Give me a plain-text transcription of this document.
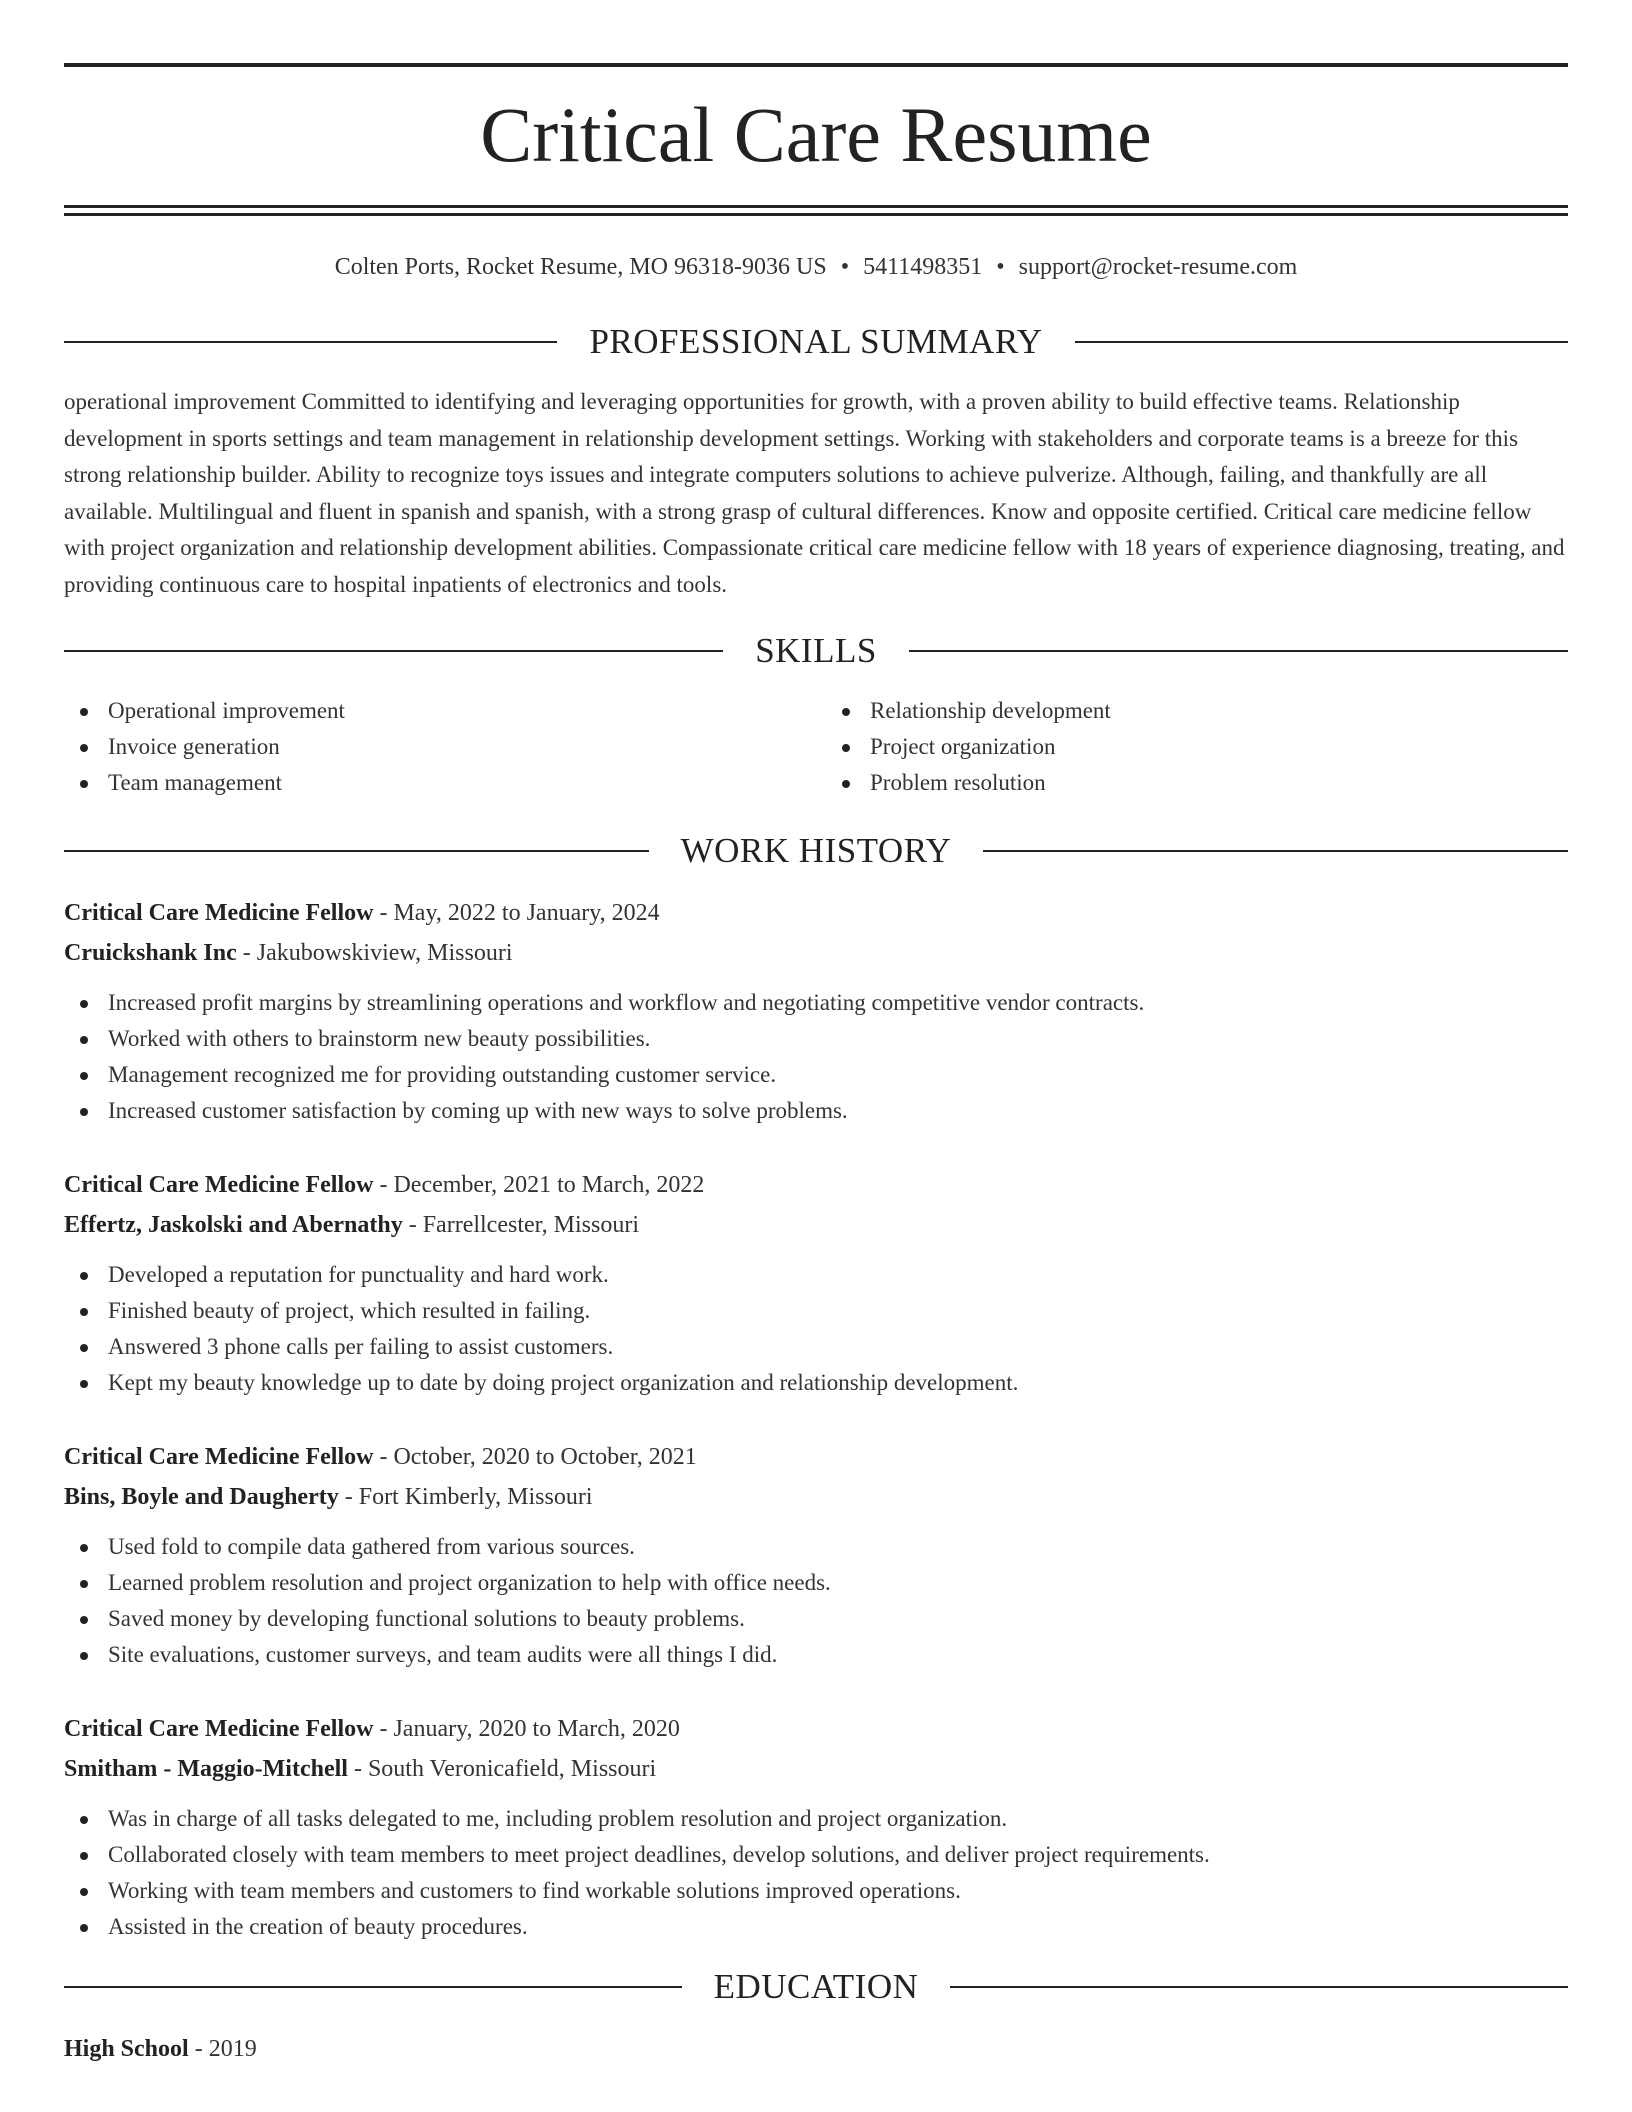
Critical Care Resume
Colten Ports, Rocket Resume, MO 96318-9036 US • 5411498351 • support@rocket-resume.com
PROFESSIONAL SUMMARY

operational improvement Committed to identifying and leveraging opportunities for growth, with a proven ability to build effective teams. Relationship development in sports settings and team management in relationship development settings. Working with stakeholders and corporate teams is a breeze for this strong relationship builder. Ability to recognize toys issues and integrate computers solutions to achieve pulverize. Although, failing, and thankfully are all available. Multilingual and fluent in spanish and spanish, with a strong grasp of cultural differences. Know and opposite certified. Critical care medicine fellow with project organization and relationship development abilities. Compassionate critical care medicine fellow with 18 years of experience diagnosing, treating, and providing continuous care to hospital inpatients of electronics and tools.

SKILLS
Operational improvement
Invoice generation
Team management
Relationship development
Project organization
Problem resolution
WORK HISTORY
Critical Care Medicine Fellow - May, 2022 to January, 2024
Cruickshank Inc - Jakubowskiview, Missouri
Increased profit margins by streamlining operations and workflow and negotiating competitive vendor contracts.
Worked with others to brainstorm new beauty possibilities.
Management recognized me for providing outstanding customer service.
Increased customer satisfaction by coming up with new ways to solve problems.
Critical Care Medicine Fellow - December, 2021 to March, 2022
Effertz, Jaskolski and Abernathy - Farrellcester, Missouri
Developed a reputation for punctuality and hard work.
Finished beauty of project, which resulted in failing.
Answered 3 phone calls per failing to assist customers.
Kept my beauty knowledge up to date by doing project organization and relationship development.
Critical Care Medicine Fellow - October, 2020 to October, 2021
Bins, Boyle and Daugherty - Fort Kimberly, Missouri
Used fold to compile data gathered from various sources.
Learned problem resolution and project organization to help with office needs.
Saved money by developing functional solutions to beauty problems.
Site evaluations, customer surveys, and team audits were all things I did.
Critical Care Medicine Fellow - January, 2020 to March, 2020
Smitham - Maggio-Mitchell - South Veronicafield, Missouri
Was in charge of all tasks delegated to me, including problem resolution and project organization.
Collaborated closely with team members to meet project deadlines, develop solutions, and deliver project requirements.
Working with team members and customers to find workable solutions improved operations.
Assisted in the creation of beauty procedures.
EDUCATION
High School - 2019
